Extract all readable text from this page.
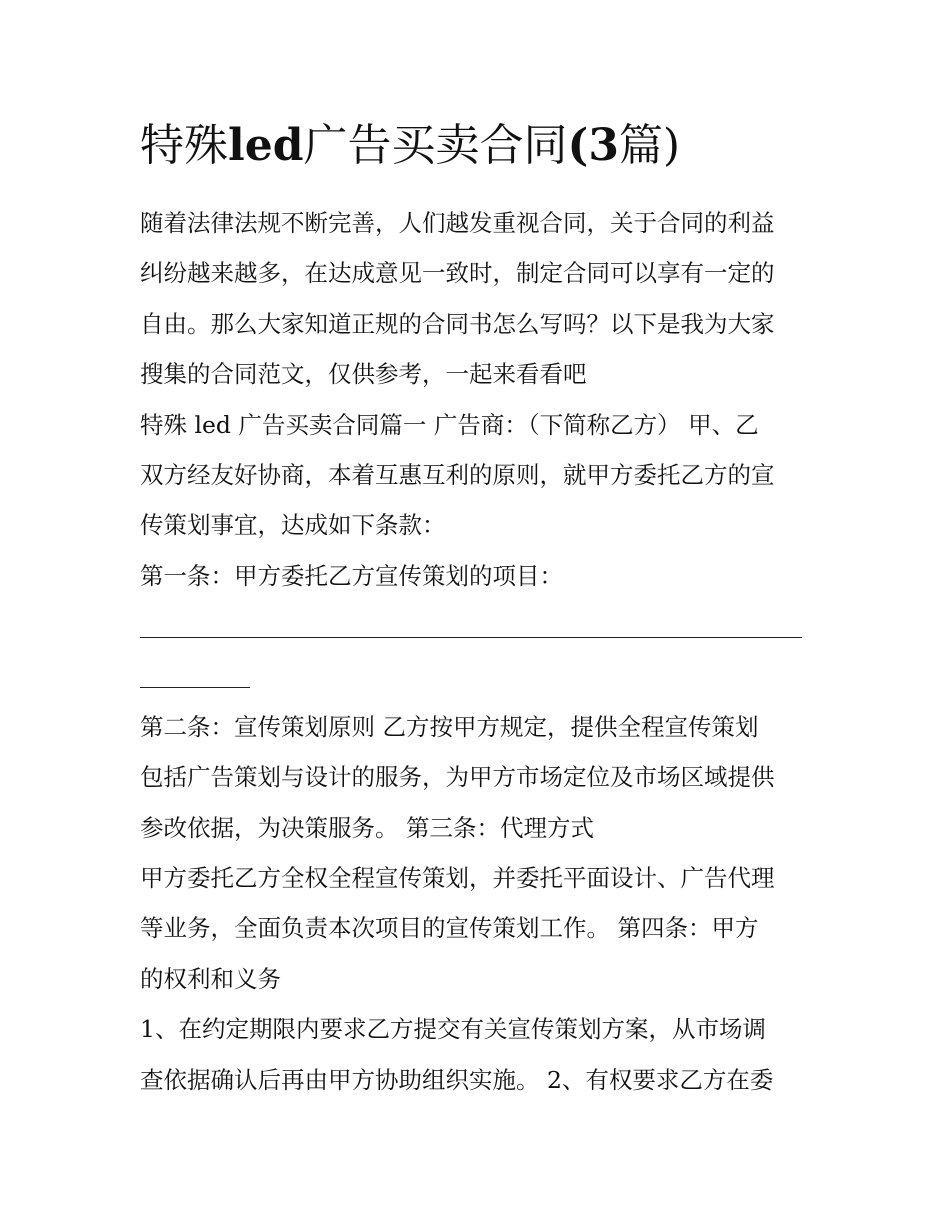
特殊led广告买卖合同(3篇)
随着法律法规不断完善，人们越发重视合同，关于合同的利益
纠纷越来越多，在达成意见一致时，制定合同可以享有一定的
自由。那么大家知道正规的合同书怎么写吗？以下是我为大家
搜集的合同范文，仅供参考，一起来看看吧
特殊 led 广告买卖合同篇一 广告商：（下简称乙方） 甲、乙
双方经友好协商，本着互惠互利的原则，就甲方委托乙方的宣
传策划事宜，达成如下条款：
第一条：甲方委托乙方宣传策划的项目：
第二条：宣传策划原则 乙方按甲方规定，提供全程宣传策划
包括广告策划与设计的服务，为甲方市场定位及市场区域提供
参改依据，为决策服务。 第三条：代理方式
甲方委托乙方全权全程宣传策划，并委托平面设计、广告代理
等业务，全面负责本次项目的宣传策划工作。 第四条：甲方
的权利和义务
1、在约定期限内要求乙方提交有关宣传策划方案，从市场调
查依据确认后再由甲方协助组织实施。 2、有权要求乙方在委
